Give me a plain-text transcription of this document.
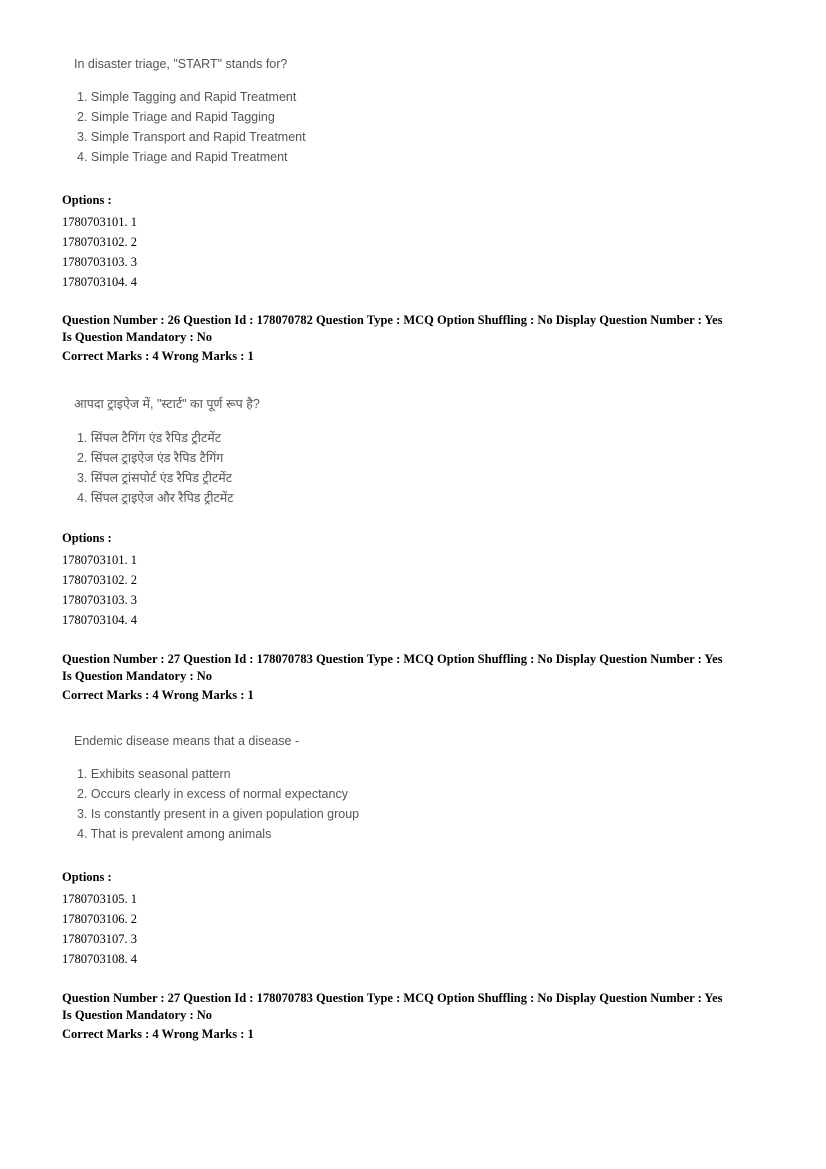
In disaster triage, "START" stands for?
1. Simple Tagging and Rapid Treatment
2. Simple Triage and Rapid Tagging
3. Simple Transport and Rapid Treatment
4. Simple Triage and Rapid Treatment
Options :
1780703101. 1
1780703102. 2
1780703103. 3
1780703104. 4
Question Number : 26 Question Id : 178070782 Question Type : MCQ Option Shuffling : No Display Question Number : Yes
Is Question Mandatory : No
Correct Marks : 4 Wrong Marks : 1
आपदा ट्राइऐज में, "स्टार्ट" का पूर्ण रूप है?
1. सिंपल टैगिंग एंड रैपिड ट्रीटमेंट
2. सिंपल ट्राइऐज एंड रैपिड टैगिंग
3. सिंपल ट्रांसपोर्ट एंड रैपिड ट्रीटमेंट
4. सिंपल ट्राइऐज और रैपिड ट्रीटमेंट
Options :
1780703101. 1
1780703102. 2
1780703103. 3
1780703104. 4
Question Number : 27 Question Id : 178070783 Question Type : MCQ Option Shuffling : No Display Question Number : Yes
Is Question Mandatory : No
Correct Marks : 4 Wrong Marks : 1
Endemic disease means that a disease -
1. Exhibits seasonal pattern
2. Occurs clearly in excess of normal expectancy
3. Is constantly present in a given population group
4. That is prevalent among animals
Options :
1780703105. 1
1780703106. 2
1780703107. 3
1780703108. 4
Question Number : 27 Question Id : 178070783 Question Type : MCQ Option Shuffling : No Display Question Number : Yes
Is Question Mandatory : No
Correct Marks : 4 Wrong Marks : 1
